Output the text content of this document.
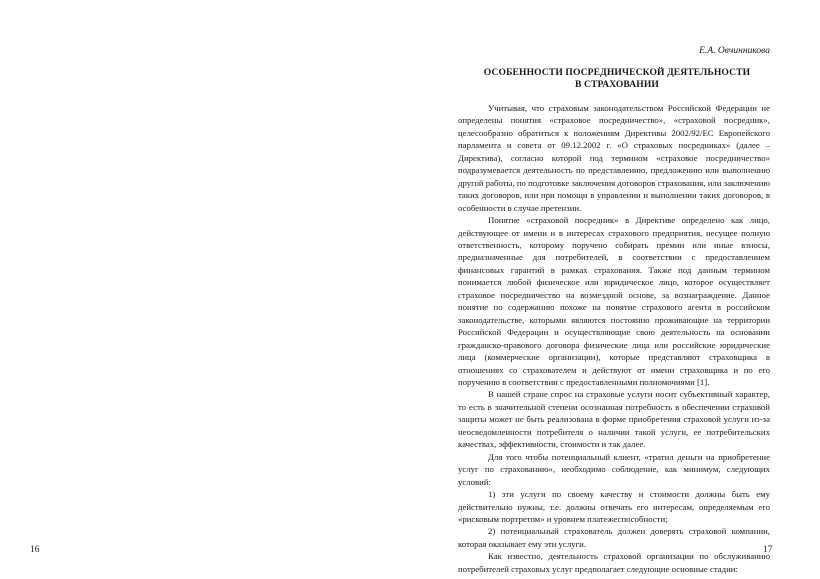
16

Е.А. Овчинникова

ОСОБЕННОСТИ ПОСРЕДНИЧЕСКОЙ ДЕЯТЕЛЬНОСТИ
В СТРАХОВАНИИ

Учитывая, что страховым законодательством Российской Федерации не определены понятия «страховое посредничество», «страховой посредник», целесообразно обратиться к положениям Директивы 2002/92/ЕС Европейского парламента и совета от 09.12.2002 г. «О страховых посредниках» (далее – Директива), согласно которой под термином «страховое посредничество» подразумевается деятельность по представлению, предложению или выполнению другой работы, по подготовке заключения договоров страхования, или заключению таких договоров, или при помощи в управлении и выполнении таких договоров, в особенности в случае претензии.

Понятие «страховой посредник» в Директиве определено как лицо, действующее от имени и в интересах страхового предприятия, несущее полную ответственность, которому поручено собирать премии или иные взносы, предназначенные для потребителей, в соответствии с предоставлением финансовых гарантий в рамках страхования. Также под данным термином понимается любой физическое или юридическое лицо, которое осуществляет страховое посредничество на возмездной основе, за вознаграждение. Данное понятие по содержанию похоже на понятие страхового агента в российском законодательстве, которыми являются постоянно проживающие на территории Российской Федерации и осуществляющие свою деятельность на основании гражданско-правового договора физические лица или российские юридические лица (коммерческие организации), которые представляют страховщика в отношениях со страхователем и действуют от имени страховщика и по его поручению в соответствии с предоставленными полномочиями [1].

В нашей стране спрос на страховые услуги носит субъективный характер, то есть в значительной степени осознанная потребность в обеспечении страховой защиты может не быть реализована в форме приобретения страховой услуги из-за неосведомленности потребителя о наличии такой услуги, ее потребительских качествах, эффективности, стоимости и так далее.

Для того чтобы потенциальный клиент, «тратил деньги на приобретение услуг по страхованию», необходимо соблюдение, как минимум, следующих условий:

1) эти услуги по своему качеству и стоимости должны быть ему действительно нужны, т.е. должны отвечать его интересам, определяемым его «рисковым портретом» и уровнем платежеспособности;

2) потенциальный страхователь должен доверять страховой компании, которая оказывает ему эти услуги.

Как известно, деятельность страховой организации по обслуживанию потребителей страховых услуг предполагает следующие основные стадии:

17
